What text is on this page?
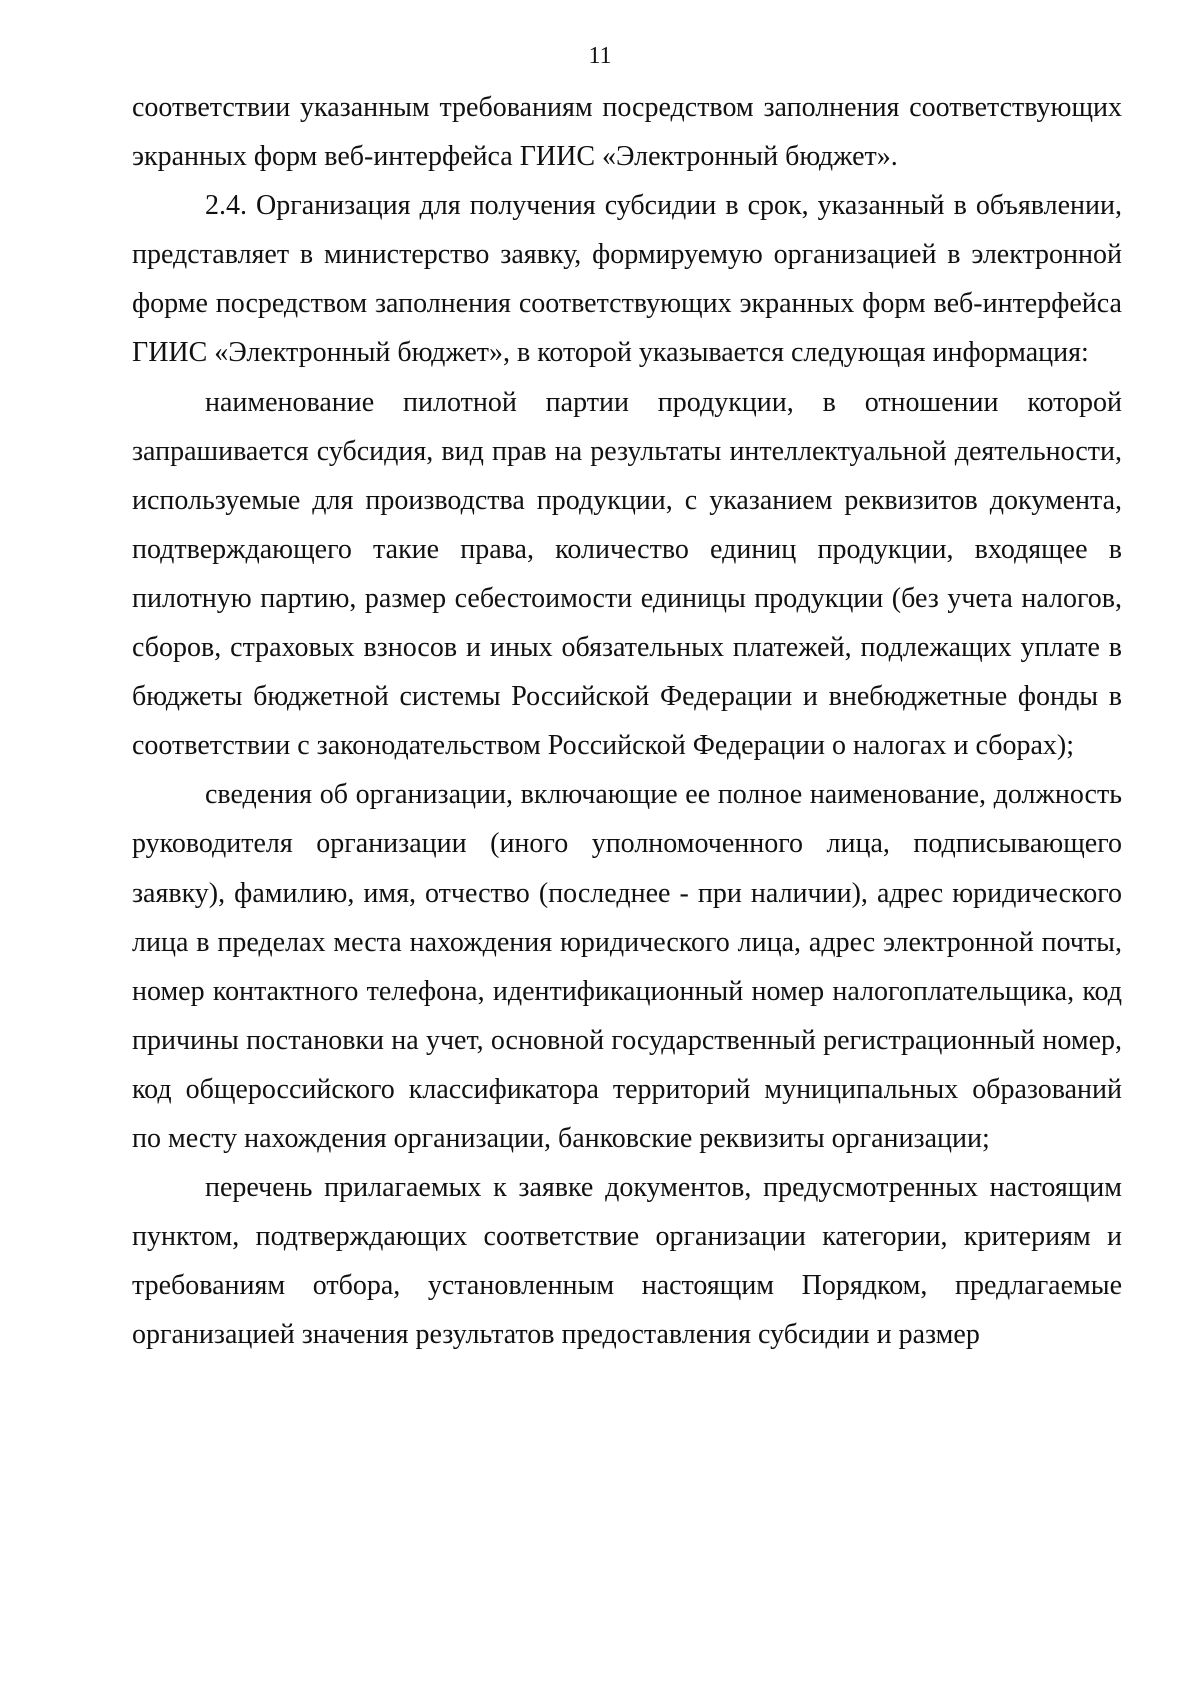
11

соответствии указанным требованиям посредством заполнения соответствующих экранных форм веб-интерфейса ГИИС «Электронный бюджет».

2.4. Организация для получения субсидии в срок, указанный в объявлении, представляет в министерство заявку, формируемую организацией в электронной форме посредством заполнения соответствующих экранных форм веб-интерфейса ГИИС «Электронный бюджет», в которой указывается следующая информация:

наименование пилотной партии продукции, в отношении которой запрашивается субсидия, вид прав на результаты интеллектуальной деятельности, используемые для производства продукции, с указанием реквизитов документа, подтверждающего такие права, количество единиц продукции, входящее в пилотную партию, размер себестоимости единицы продукции (без учета налогов, сборов, страховых взносов и иных обязательных платежей, подлежащих уплате в бюджеты бюджетной системы Российской Федерации и внебюджетные фонды в соответствии с законодательством Российской Федерации о налогах и сборах);

сведения об организации, включающие ее полное наименование, должность руководителя организации (иного уполномоченного лица, подписывающего заявку), фамилию, имя, отчество (последнее - при наличии), адрес юридического лица в пределах места нахождения юридического лица, адрес электронной почты, номер контактного телефона, идентификационный номер налогоплательщика, код причины постановки на учет, основной государственный регистрационный номер, код общероссийского классификатора территорий муниципальных образований по месту нахождения организации, банковские реквизиты организации;

перечень прилагаемых к заявке документов, предусмотренных настоящим пунктом, подтверждающих соответствие организации категории, критериям и требованиям отбора, установленным настоящим Порядком, предлагаемые организацией значения результатов предоставления субсидии и размер
